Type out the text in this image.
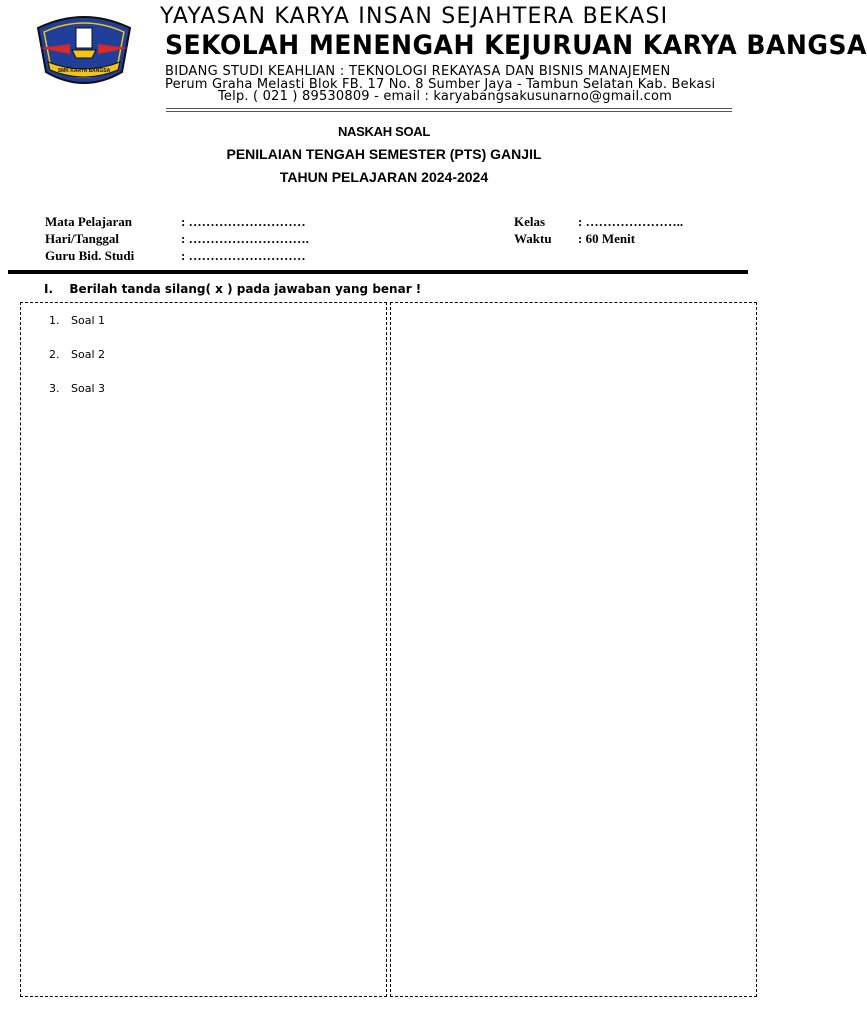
SMK KARYA BANGSA
YAYASAN KARYA INSAN SEJAHTERA BEKASI
SEKOLAH MENENGAH KEJURUAN KARYA BANGSA
BIDANG STUDI KEAHLIAN : TEKNOLOGI REKAYASA DAN BISNIS MANAJEMEN
Perum Graha Melasti Blok FB. 17 No. 8 Sumber Jaya - Tambun Selatan Kab. Bekasi
Telp. ( 021 ) 89530809 - email : karyabangsakusunarno@gmail.com
NASKAH SOAL
PENILAIAN TENGAH SEMESTER (PTS) GANJIL
TAHUN PELAJARAN 2024-2024
Mata Pelajaran	: ………………………
Hari/Tanggal	: ……………………….
Guru Bid. Studi	: ………………………
Kelas	: …………………..
Waktu : 60 Menit
I. Berilah tanda silang( x ) pada jawaban yang benar !
1. Soal 1
2. Soal 2
3. Soal 3
